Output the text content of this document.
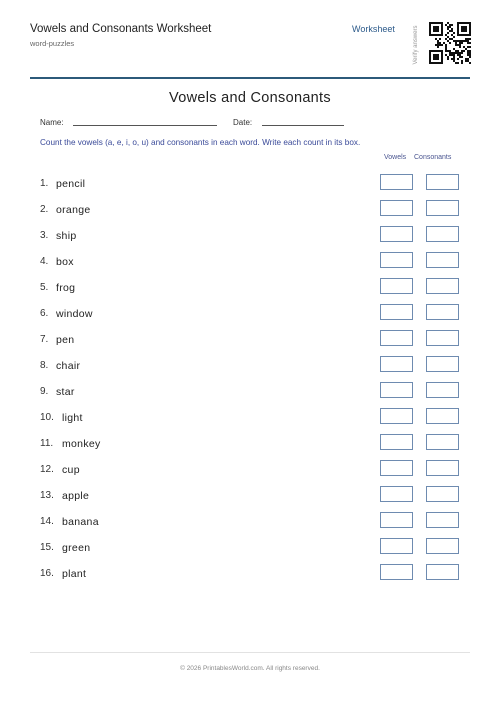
Vowels and Consonants Worksheet
word-puzzles
Worksheet	Verify answers
Vowels and Consonants
Name:	Date:
Count the vowels (a, e, i, o, u) and consonants in each word. Write each count in its box.
Vowels Consonants
1. pencil
2. orange
3. ship
4. box
5. frog
6. window
7. pen
8. chair
9. star
10. light
11. monkey
12. cup
13. apple
14. banana
15. green
16. plant
© 2026 PrintablesWorld.com. All rights reserved.
